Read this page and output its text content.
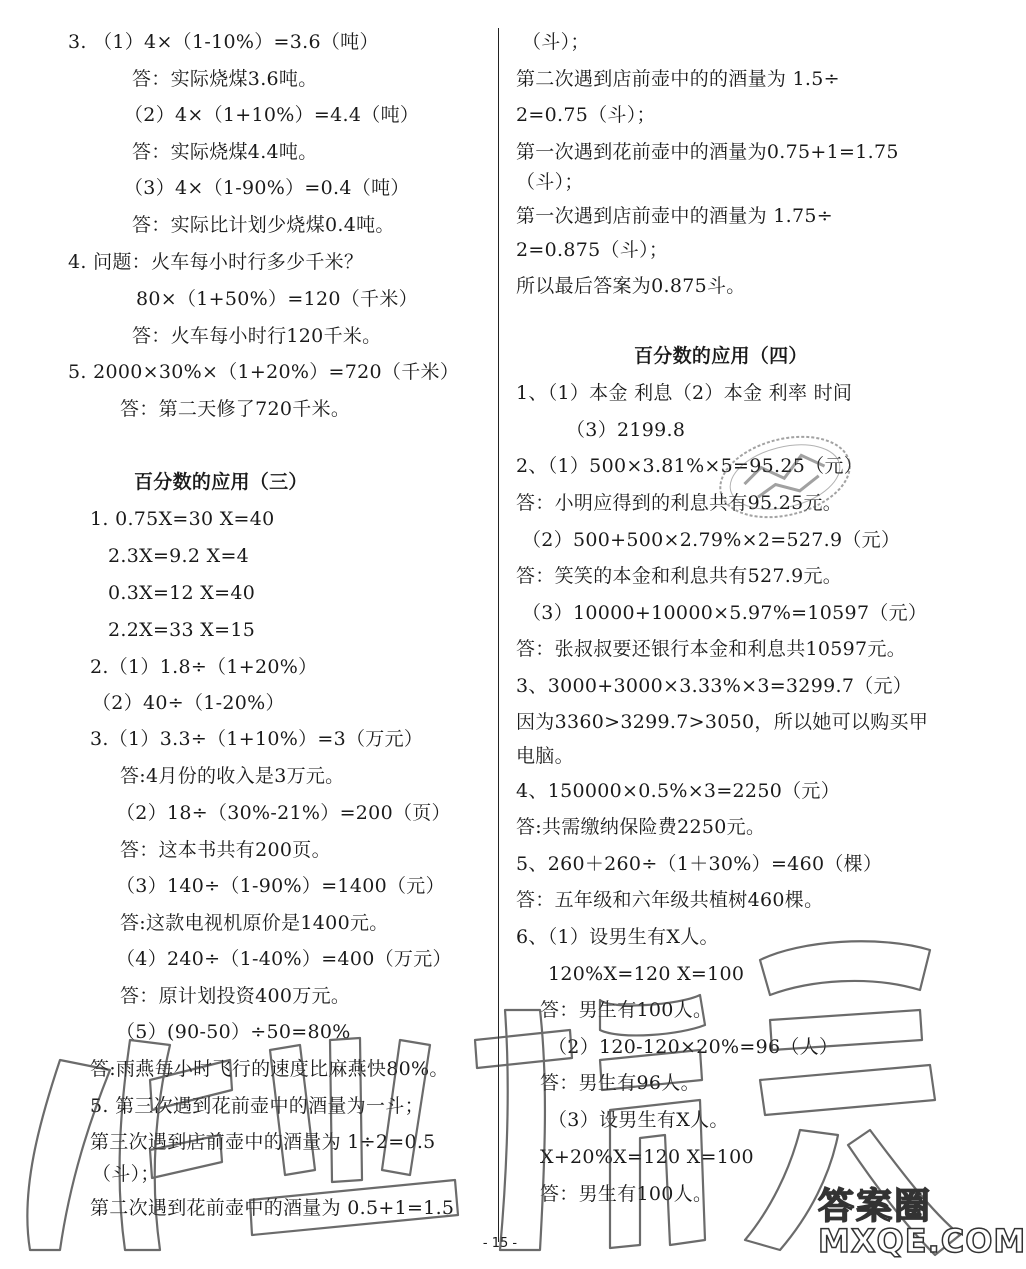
3. （1）4×（1-10%）=3.6（吨）
答：实际烧煤3.6吨。
（2）4×（1+10%）=4.4（吨）
答：实际烧煤4.4吨。
（3）4×（1-90%）=0.4（吨）
答：实际比计划少烧煤0.4吨。
4. 问题：火车每小时行多少千米？
80×（1+50%）=120（千米）
答：火车每小时行120千米。
5. 2000×30%×（1+20%）=720（千米）
答：第二天修了720千米。
百分数的应用（三）
1. 0.75X=30 X=40
2.3X=9.2 X=4
0.3X=12 X=40
2.2X=33 X=15
2.（1）1.8÷（1+20%）
（2）40÷（1-20%）
3.（1）3.3÷（1+10%）=3（万元）
答:4月份的收入是3万元。
（2）18÷（30%-21%）=200（页）
答：这本书共有200页。
（3）140÷（1-90%）=1400（元）
答:这款电视机原价是1400元。
（4）240÷（1-40%）=400（万元）
答：原计划投资400万元。
（5）(90-50）÷50=80%
答:雨燕每小时飞行的速度比麻燕快80%。
5. 第三次遇到花前壶中的酒量为一斗；
第三次遇到店前壶中的酒量为 1÷2=0.5
（斗）；
第二次遇到花前壶中的酒量为 0.5+1=1.5
（斗）；
第二次遇到店前壶中的的酒量为 1.5÷
2=0.75（斗）；
第一次遇到花前壶中的酒量为0.75+1=1.75
（斗）；
第一次遇到店前壶中的酒量为 1.75÷
2=0.875（斗）；
所以最后答案为0.875斗。
百分数的应用（四）
1、（1）本金 利息（2）本金 利率 时间
（3）2199.8
2、（1）500×3.81%×5=95.25（元）
答：小明应得到的利息共有95.25元。
（2）500+500×2.79%×2=527.9（元）
答：笑笑的本金和利息共有527.9元。
（3）10000+10000×5.97%=10597（元）
答：张叔叔要还银行本金和利息共10597元。
3、3000+3000×3.33%×3=3299.7（元）
因为3360>3299.7>3050，所以她可以购买甲
电脑。
4、150000×0.5%×3=2250（元）
答:共需缴纳保险费2250元。
5、260＋260÷（1＋30%）=460（棵）
答：五年级和六年级共植树460棵。
6、（1）设男生有X人。
120%X=120 X=100
答：男生有100人。
（2）120-120×20%=96（人）
答：男生有96人。
（3）设男生有X人。
X+20%X=120 X=100
答：男生有100人。
- 15 -
答案圈
MXQE.COM
